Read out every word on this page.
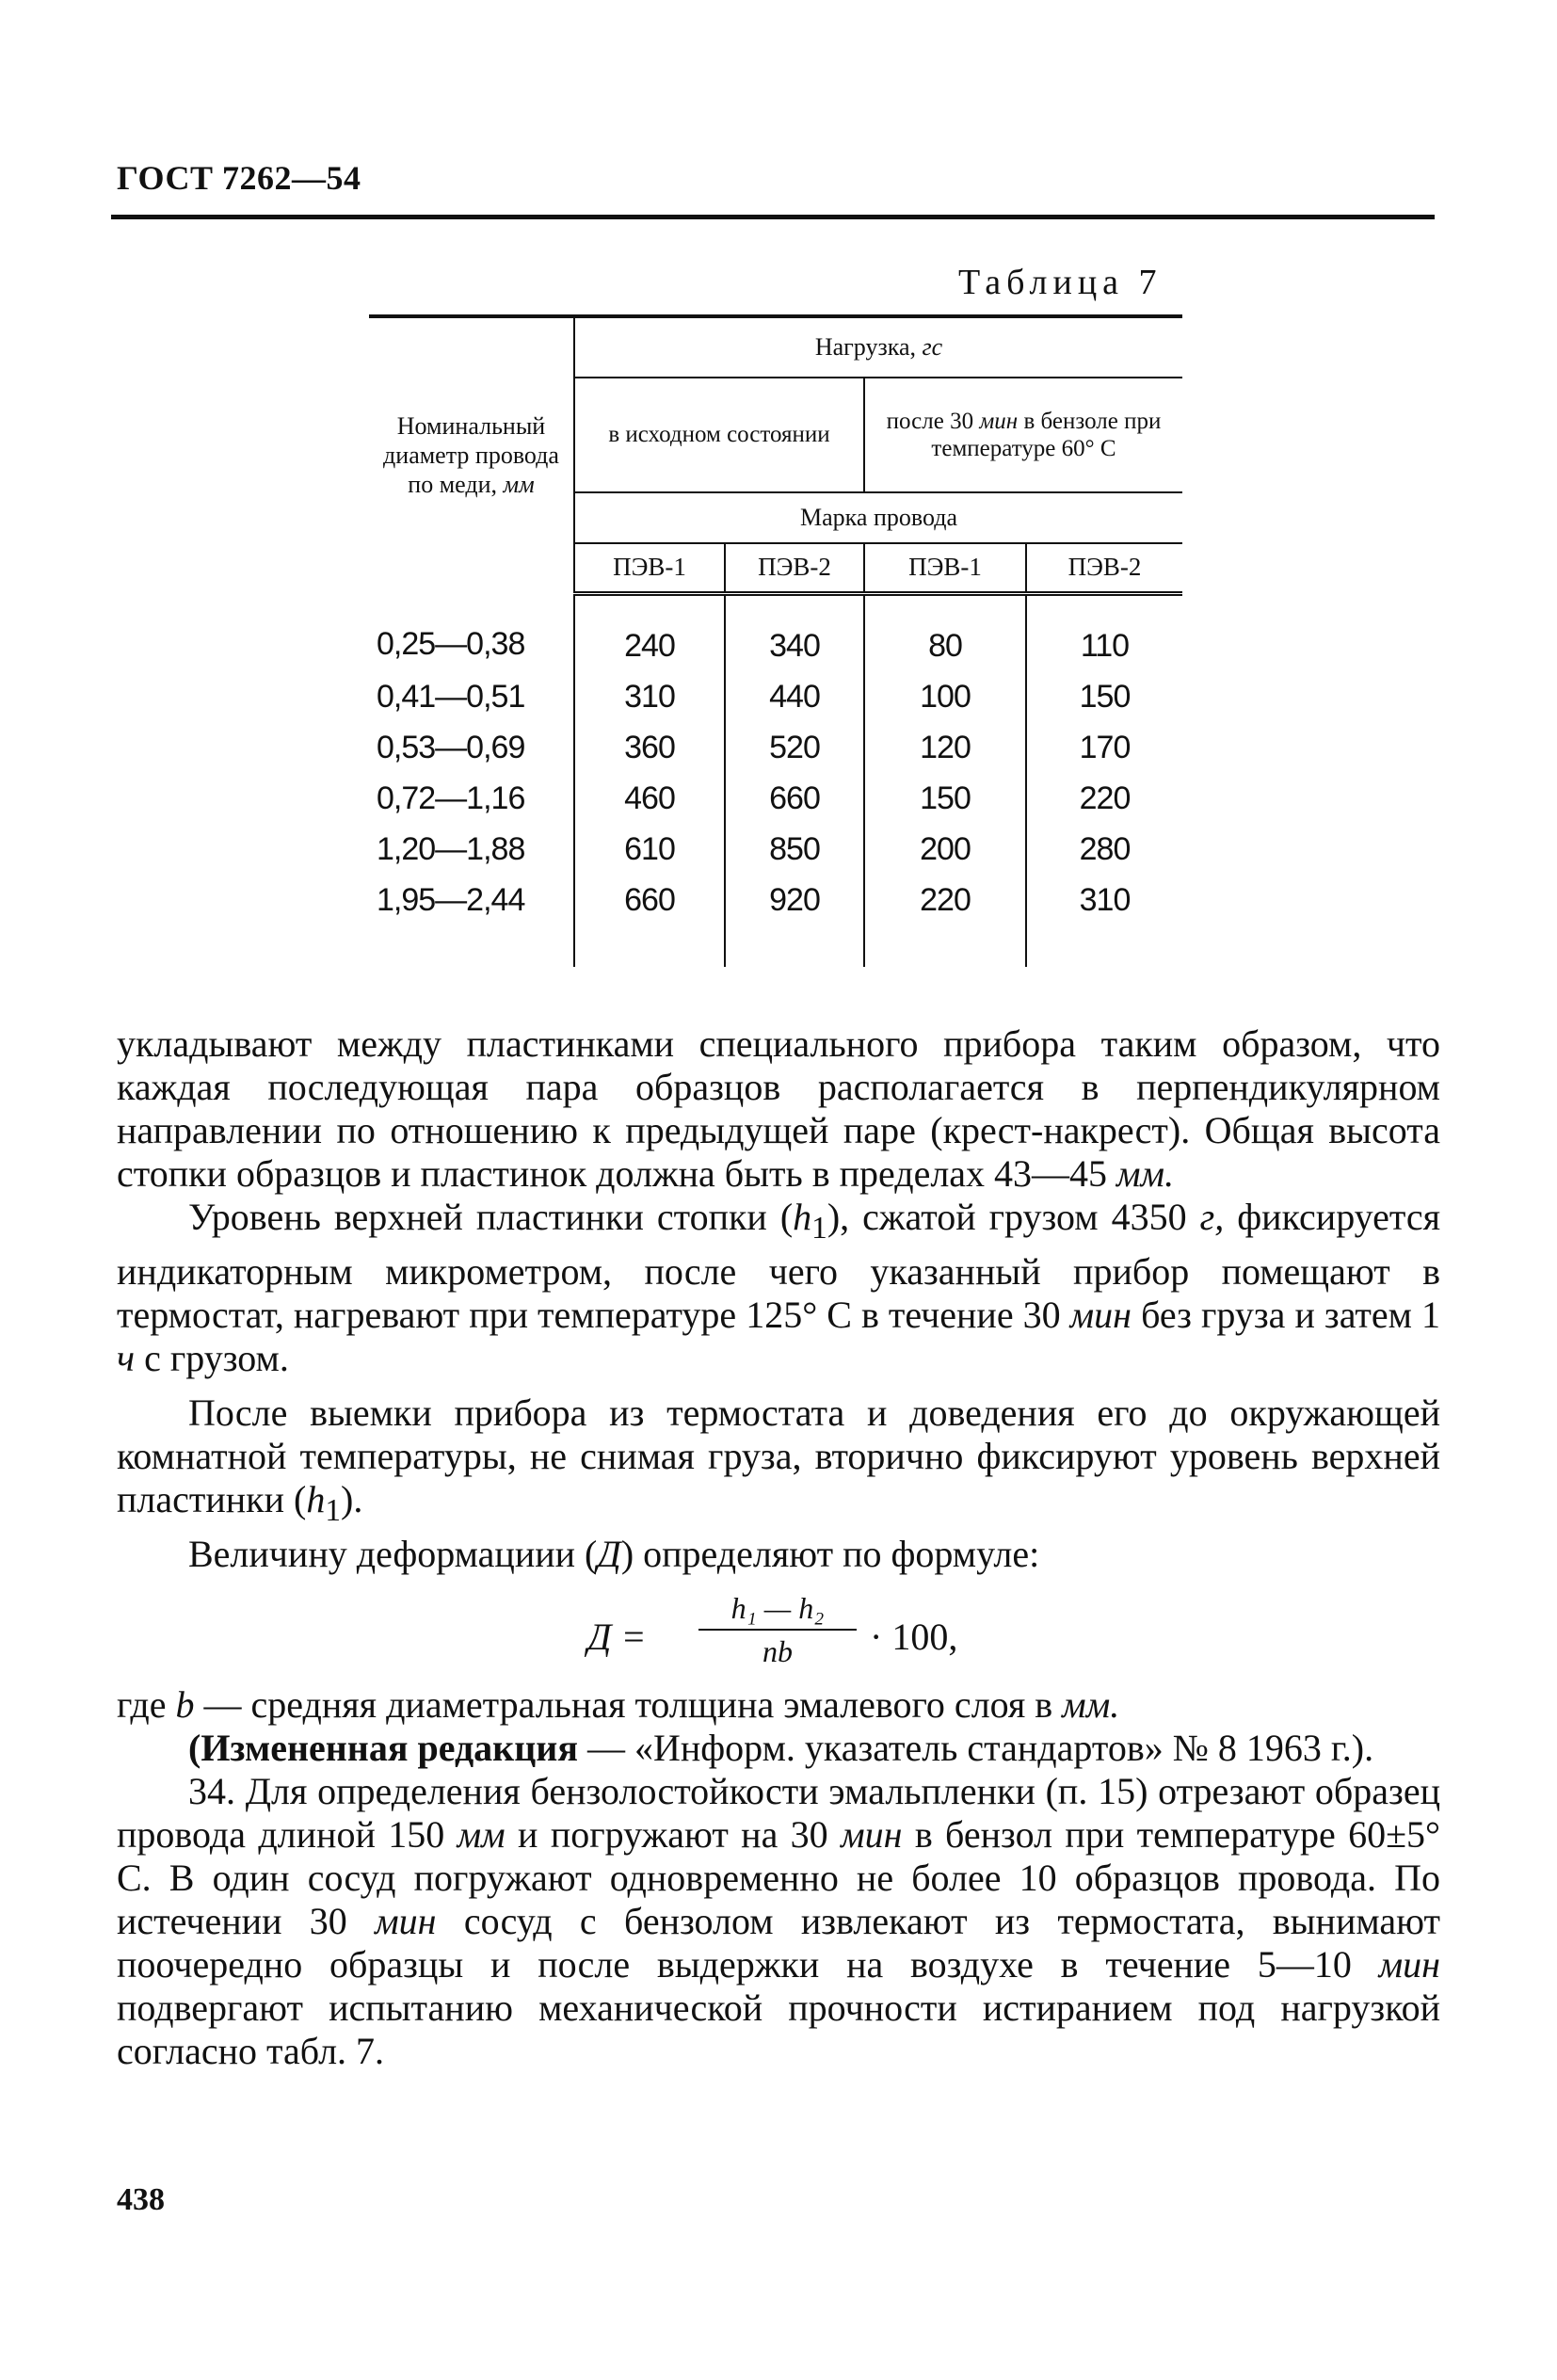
ГОСТ 7262—54
Таблица 7
Номинальный диаметр провода по меди, мм	Нагрузка, гс			
	в исходном состоянии		после 30 мин в бензоле при температуре 60° С	
	Марка провода			
	ПЭВ-1	ПЭВ-2	ПЭВ-1	ПЭВ-2
0,25—0,38	240	340	80	110
0,41—0,51	310	440	100	150
0,53—0,69	360	520	120	170
0,72—1,16	460	660	150	220
1,20—1,88	610	850	200	280
1,95—2,44	660	920	220	310

укладывают между пластинками специального прибора таким образом, что каждая последующая пара образцов располагается в перпендикулярном направлении по отношению к предыдущей паре (крест-накрест). Общая высота стопки образцов и пластинок должна быть в пределах 43—45 мм.

Уровень верхней пластинки стопки $(h_1)$, сжатой грузом 4350 г, фиксируется индикаторным микрометром, после чего указанный прибор помещают в термостат, нагревают при температуре 125° С в течение 30 мин без груза и затем 1 ч с грузом.

После выемки прибора из термостата и доведения его до окружающей комнатной температуры, не снимая груза, вторично фиксируют уровень верхней пластинки $(h_1)$.

Величину деформациии (Д) определяют по формуле:

Д =
h₁ — h₂
nb	· 100,

где b — средняя диаметральная толщина эмалевого слоя в мм.

(Измененная редакция — «Информ. указатель стандартов» № 8 1963 г.).

34. Для определения бензолостойкости эмальпленки (п. 15) отрезают образец провода длиной 150 мм и погружают на 30 мин в бензол при температуре 60±5° С. В один сосуд погружают одновременно не более 10 образцов провода. По истечении 30 мин сосуд с бензолом извлекают из термостата, вынимают поочередно образцы и после выдержки на воздухе в течение 5—10 мин подвергают испытанию механической прочности истиранием под нагрузкой согласно табл. 7.

438
